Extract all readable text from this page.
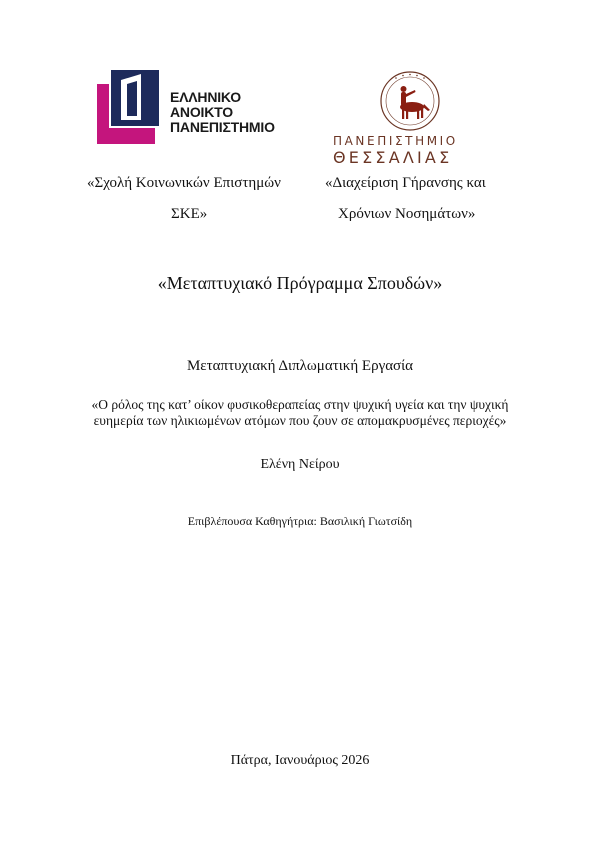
ΕΛΛΗΝΙΚΟ
ΑΝΟΙΚΤΟ
ΠΑΝΕΠΙΣΤΗΜΙΟ
ΠΑΝΕΠΙΣΤΗΜΙΟ
ΘΕΣΣΑΛΙΑΣ
«Σχολή Κοινωνικών Επιστημών
ΣΚΕ»
«Διαχείριση Γήρανσης και
Χρόνιων Νοσημάτων»
«Μεταπτυχιακό Πρόγραμμα Σπουδών»
Μεταπτυχιακή Διπλωματική Εργασία
«Ο ρόλος της κατ’ οίκον φυσικοθεραπείας στην ψυχική υγεία και την ψυχική
ευημερία των ηλικιωμένων ατόμων που ζουν σε απομακρυσμένες περιοχές»
Ελένη Νείρου
Επιβλέπουσα Καθηγήτρια: Βασιλική Γιωτσίδη
Πάτρα, Ιανουάριος 2026
